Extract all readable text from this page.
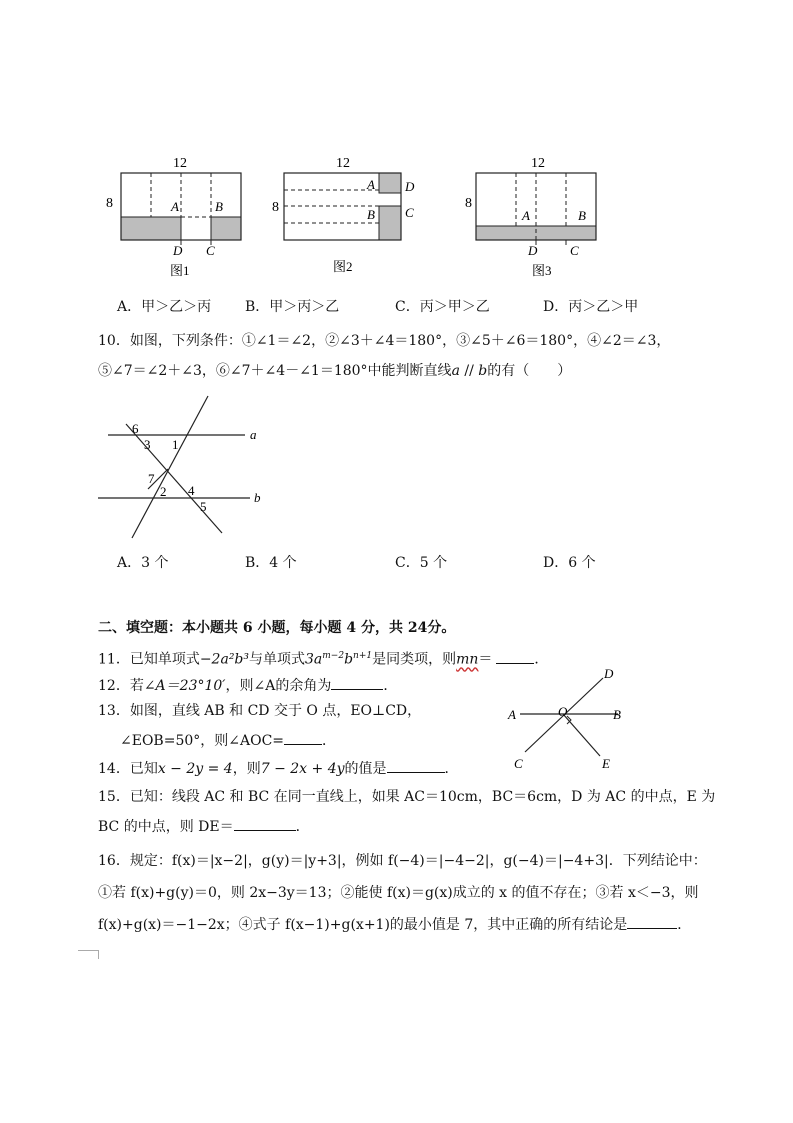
12
8	A	B
D C
图1
12
8
A
B
D
C
图2
12
8
A	B
D	C
图3
A．甲＞乙＞丙 B．甲＞丙＞乙	C．丙＞甲＞乙	D．丙＞乙＞甲
10．如图，下列条件：①∠1＝∠2，②∠3＋∠4＝180°，③∠5＋∠6＝180°，④∠2＝∠3，
⑤∠7＝∠2＋∠3，⑥∠7＋∠4－∠1＝180°中能判断直线a // b的有（　　）
6
3 1
7
2 4
5
a
b
A．3 个	B．4 个	C．5 个	D．6 个
二、填空题：本小题共 6 小题，每小题 4 分，共 24分。
11．已知单项式−2a²b³与单项式$3a^{m-2}b^{n+1}$是同类项，则mn＝	．
12．若∠A＝23°10′，则∠A的余角为	．
13．如图，直线 AB 和 CD 交于 O 点，EO⊥CD，
∠EOB=50°，则∠AOC=	．
A	B
O
D
C	E
14．已知x − 2y = 4，则7 − 2x + 4y的值是	．
15．已知：线段 AC 和 BC 在同一直线上，如果 AC＝10cm，BC＝6cm，D 为 AC 的中点，E 为
BC 的中点，则 DE＝	．
16．规定：f(x)＝|x−2|，g(y)＝|y+3|，例如 f(−4)＝|−4−2|，g(−4)＝|−4+3|．下列结论中：
①若 f(x)+g(y)＝0，则 2x−3y＝13；②能使 f(x)＝g(x)成立的 x 的值不存在；③若 x＜−3，则
f(x)+g(x)＝−1−2x；④式子 f(x−1)+g(x+1)的最小值是 7，其中正确的所有结论是	．
